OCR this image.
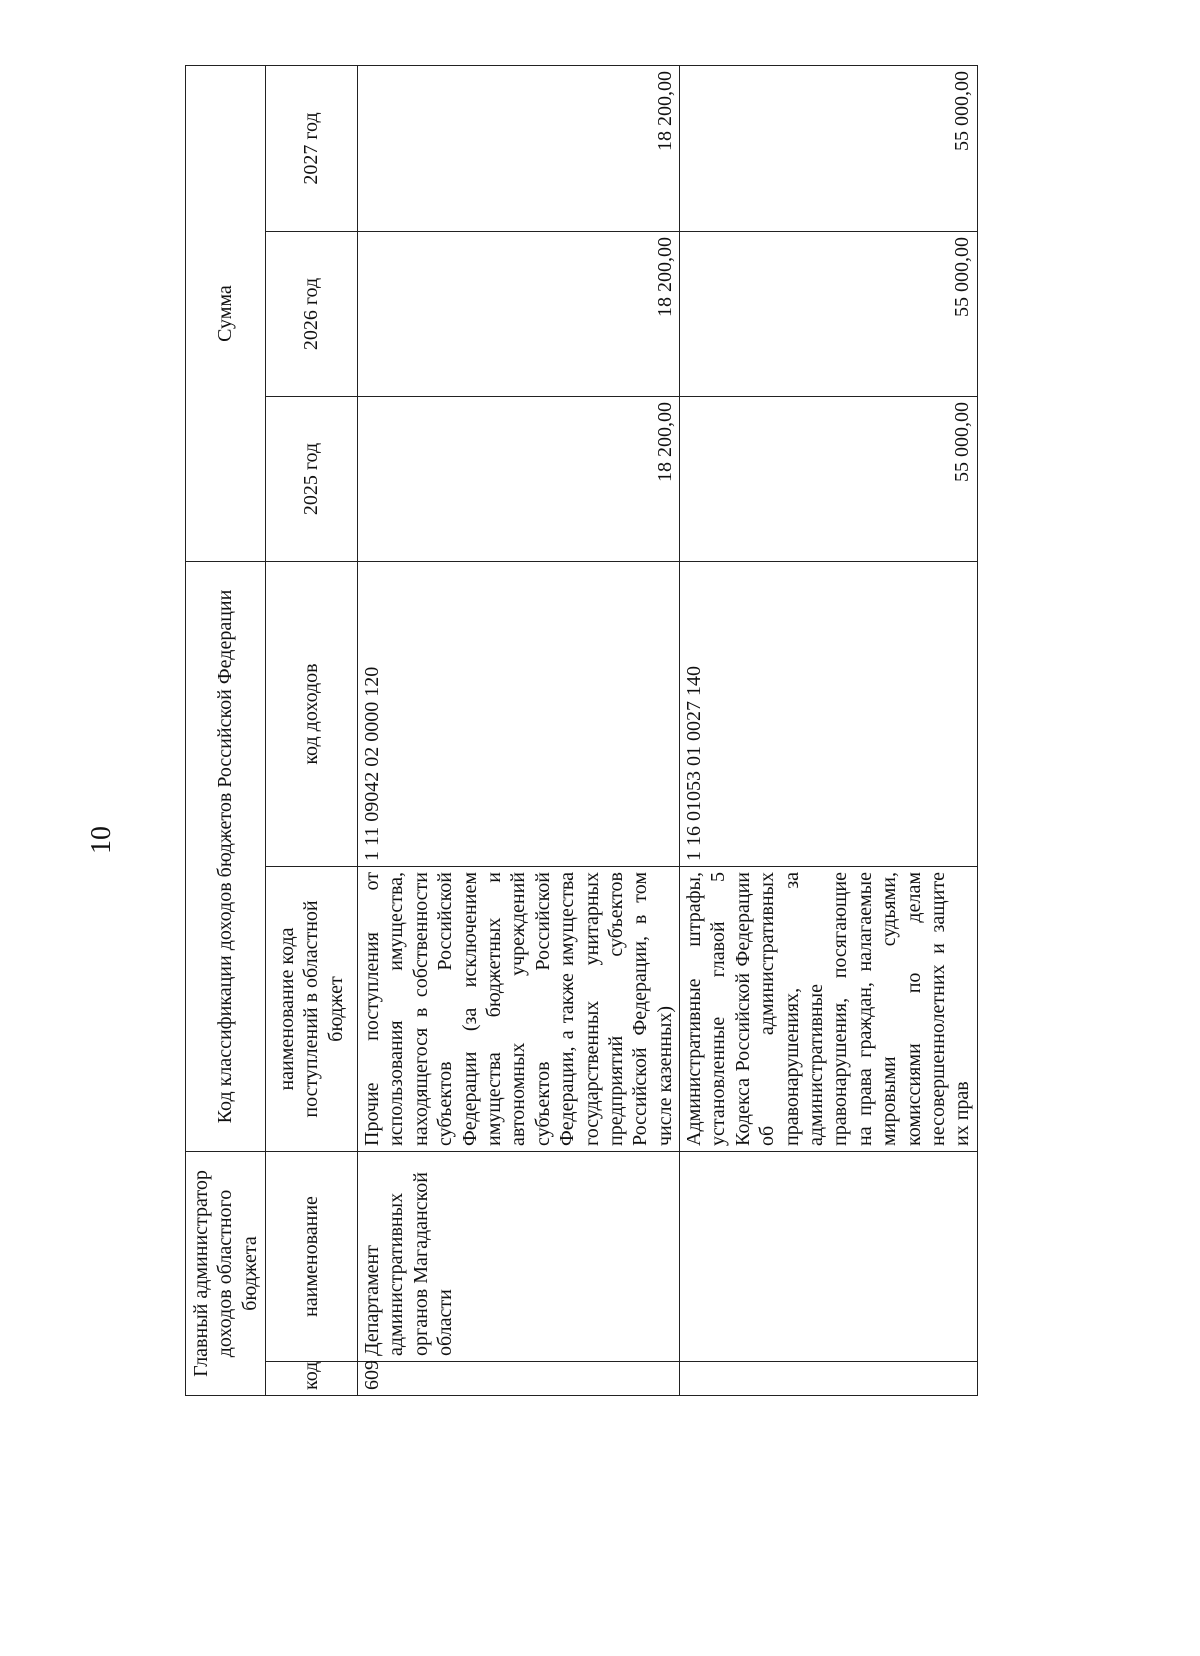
10
Главный администратор доходов областного бюджета		Код классификации доходов бюджетов Российской Федерации		Сумма		
код	наименование	наименование кода поступлений в областной бюджет	код доходов	2025 год	2026 год	2027 год
609	Департамент административных органов Магаданской области	Прочие поступления от использования имущества, находящегося в собственности субъектов Российской Федерации (за исключением имущества бюджетных и автономных учреждений субъектов Российской Федерации, а также имущества государственных унитарных предприятий субъектов Российской Федерации, в том числе казенных)	1 11 09042 02 0000 120	18 200,00	18 200,00	18 200,00
		Административные штрафы, установленные главой 5 Кодекса Российской Федерации об административных правонарушениях, за административные правонарушения, посягающие на права граждан, налагаемые мировыми судьями, комиссиями по делам несовершеннолетних и защите их прав	1 16 01053 01 0027 140	55 000,00	55 000,00	55 000,00
